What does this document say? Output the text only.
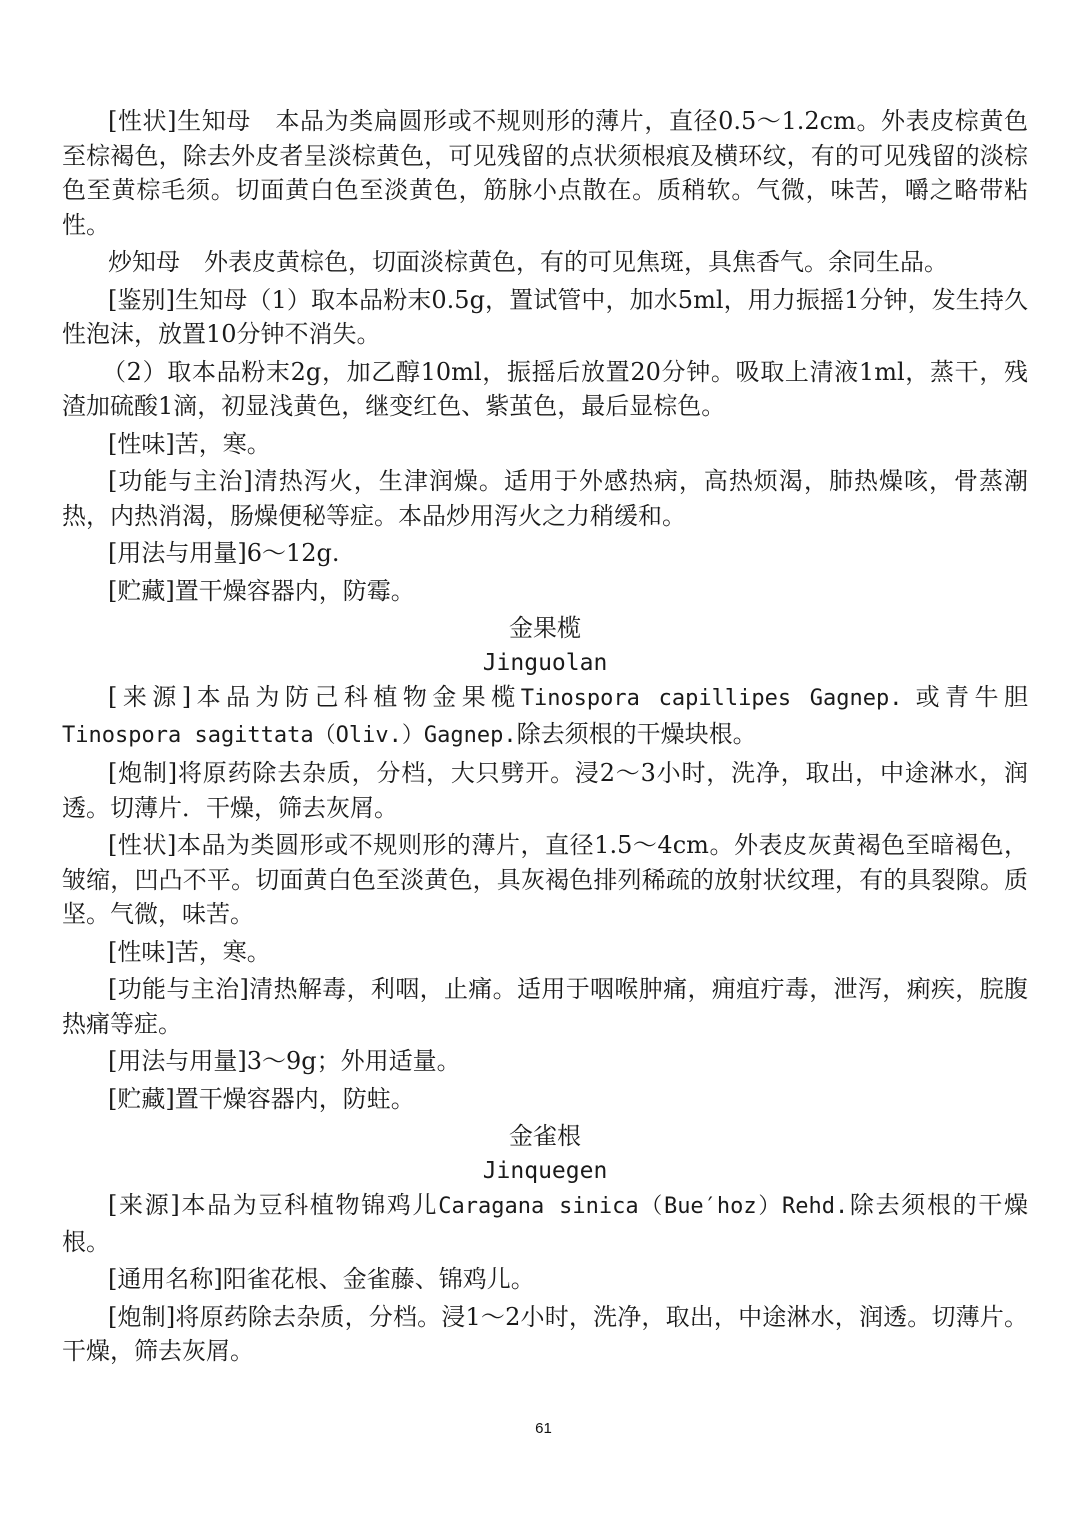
[性状]生知母　本品为类扁圆形或不规则形的薄片，直径0.5～1.2cm。外表皮棕黄色至棕褐色，除去外皮者呈淡棕黄色，可见残留的点状须根痕及横环纹，有的可见残留的淡棕色至黄棕毛须。切面黄白色至淡黄色，筋脉小点散在。质稍软。气微，味苦，嚼之略带粘性。

炒知母　外表皮黄棕色，切面淡棕黄色，有的可见焦斑，具焦香气。余同生品。

[鉴别]生知母（1）取本品粉末0.5g，置试管中，加水5ml，用力振摇1分钟，发生持久性泡沫，放置10分钟不消失。

（2）取本品粉末2g，加乙醇10ml，振摇后放置20分钟。吸取上清液1ml，蒸干，残渣加硫酸1滴，初显浅黄色，继变红色、紫茧色，最后显棕色。

[性味]苦，寒。

[功能与主治]清热泻火，生津润燥。适用于外感热病，高热烦渴，肺热燥咳，骨蒸潮热，内热消渴，肠燥便秘等症。本品炒用泻火之力稍缓和。

[用法与用量]6～12g.

[贮藏]置干燥容器内，防霉。

金果榄

Jinguolan

[来源]本品为防己科植物金果榄Tinospora capillipes Gagnep. 或青牛胆Tinospora sagittata（Oliv.）Gagnep.除去须根的干燥块根。

[炮制]将原药除去杂质，分档，大只劈开。浸2～3小时，洗净，取出，中途淋水，润透。切薄片．干燥，筛去灰屑。

[性状]本品为类圆形或不规则形的薄片，直径1.5～4cm。外表皮灰黄褐色至暗褐色，皱缩，凹凸不平。切面黄白色至淡黄色，具灰褐色排列稀疏的放射状纹理，有的具裂隙。质坚。气微，味苦。

[性味]苦，寒。

[功能与主治]清热解毒，利咽，止痛。适用于咽喉肿痛，痈疽疔毒，泄泻，痢疾，脘腹热痛等症。

[用法与用量]3～9g；外用适量。

[贮藏]置干燥容器内，防蛀。

金雀根

Jinquegen

[来源]本品为豆科植物锦鸡儿Caragana sinica（Bue′hoz）Rehd.除去须根的干燥根。

[通用名称]阳雀花根、金雀藤、锦鸡儿。

[炮制]将原药除去杂质，分档。浸1～2小时，洗净，取出，中途淋水，润透。切薄片。干燥，筛去灰屑。

61
